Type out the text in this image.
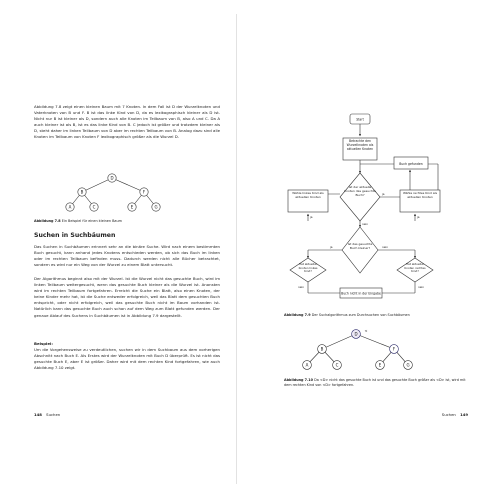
Abbildung 7.8 zeigt einen kleinen Baum mit 7 Knoten. In dem Fall ist D der Wurzelknoten und Vaterknoten von B und F. B ist das linke Kind von D, da es lexikographisch kleiner als D ist. Nicht nur B ist kleiner als D, sondern auch alle Knoten im Teilbaum von B, also A und C. Da A auch kleiner ist als B, ist es das linke Kind von B. C jedoch ist größer und trotzdem kleiner als D, steht daher im linken Teilbaum von D aber im rechten Teilbaum von B. Analog dazu sind alle Knoten im Teilbaum von Knoten F lexikographisch größer als die Wurzel D.
D
B	F
A	C	E	G
Abbildung 7.8 Ein Beispiel für einen kleinen Baum
Suchen in Suchbäumen
Das Suchen in Suchbäumen erinnert sehr an die binäre Suche. Wird nach einem bestimmten Buch gesucht, kann anhand jedes Knotens entschieden werden, ob sich das Buch im linken oder im rechten Teilbaum befinden muss. Dadurch werden nicht alle Bücher betrachtet, sondern es wird nur ein Weg von der Wurzel zu einem Blatt untersucht.
Der Algorithmus beginnt also mit der Wurzel. Ist die Wurzel nicht das gesuchte Buch, wird im linken Teilbaum weitergesucht, wenn das gesuchte Buch kleiner als die Wurzel ist. Anonsten wird im rechten Teilbaum fortgefahren. Erreicht die Suche ein Blatt, also einen Knoten, der keine Kinder mehr hat, ist die Suche entweder erfolgreich, weil das Blatt dem gesuchten Buch entspricht, oder nicht erfolgreich, weil das gesuchte Buch nicht im Baum vorhanden ist. Natürlich kann das gesuchte Buch auch schon auf dem Weg zum Blatt gefunden werden. Der genaue Ablauf des Suchens in Suchbäumen ist in Abbildung 7.9 dargestellt.
Beispiel:
Um die Vorgehensweise zu verdeutlichen, suchen wir in dem Suchbaum aus dem vorherigen Abschnitt nach Buch E. Als Erstes wird der Wurzelknoten mit Buch D überprüft. Es ist nicht das gesuchte Buch E, aber E ist größer. Daher wird mit dem rechten Kind fortgefahren, wie auch Abbildung 7.10 zeigt.
148 Suchen
Start
Betrachte den Wurzelknoten als aktuellen Knoten
Ist der aktuelle Knoten das gesuchte Buch?
Buch gefunden
Ist das gesuchte Buch kleiner?
Wähle linkes Kind als aktuellen Knoten
Wähle rechtes Kind als aktuellen Knoten
Hat aktueller Knoten linkes Kind?
Hat aktueller Knoten rechtes Kind?
Buch nicht in der Eingabe
ja
nein
ja	nein
ja	ja
nein	nein
Abbildung 7.9 Der Suchalgorithmus zum Durchsuchen von Suchbäumen
D
B	F
A	C	E	G
<
Abbildung 7.10 Da <D> nicht das gesuchte Buch ist und das gesuchte Buch größer als <D> ist, wird mit dem rechten Kind von <D> fortgefahren.
Suchen 149
